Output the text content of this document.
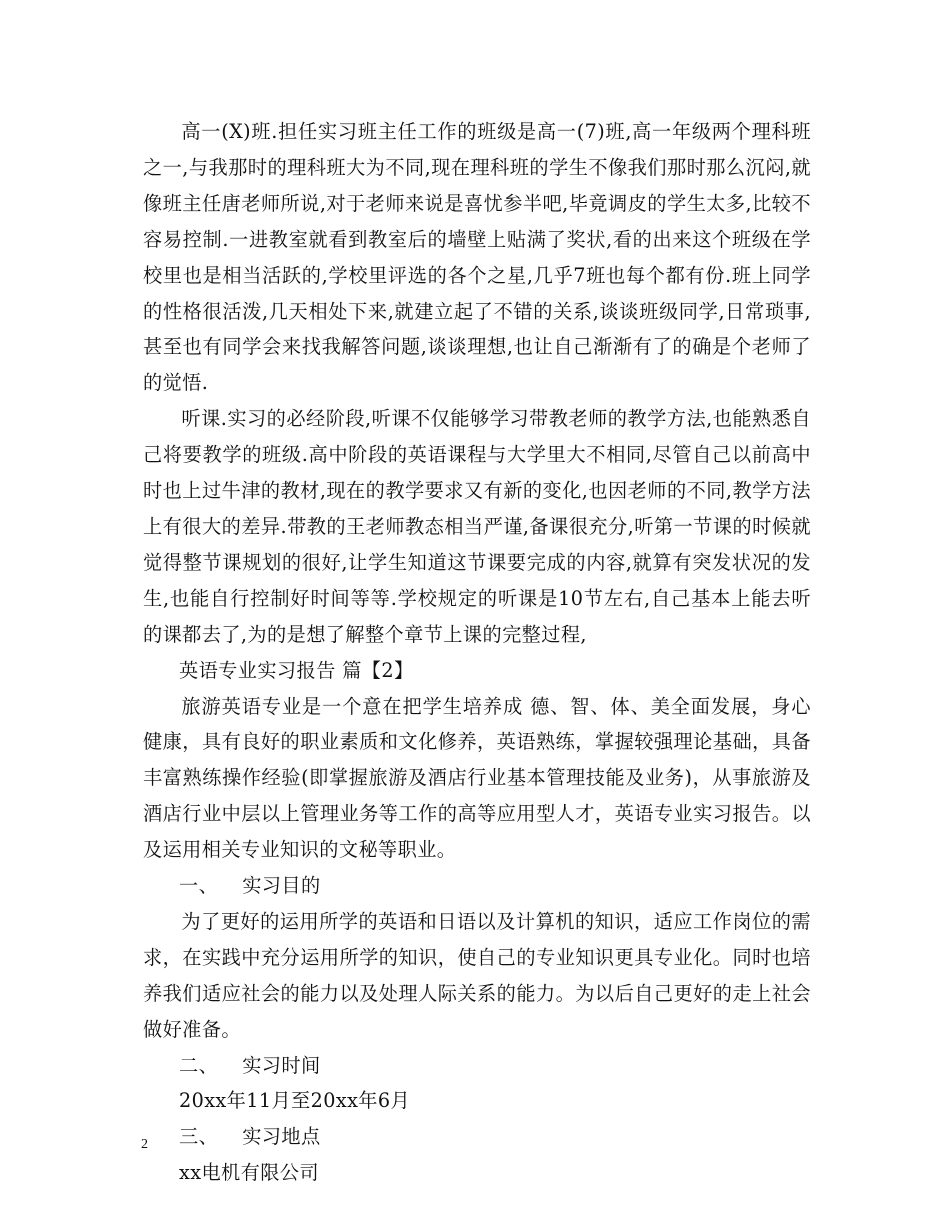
高一(X)班.担任实习班主任工作的班级是高一(7)班,高一年级两个理科班之一,与我那时的理科班大为不同,现在理科班的学生不像我们那时那么沉闷,就像班主任唐老师所说,对于老师来说是喜忧参半吧,毕竟调皮的学生太多,比较不容易控制.一进教室就看到教室后的墙壁上贴满了奖状,看的出来这个班级在学校里也是相当活跃的,学校里评选的各个之星,几乎7班也每个都有份.班上同学的性格很活泼,几天相处下来,就建立起了不错的关系,谈谈班级同学,日常琐事,甚至也有同学会来找我解答问题,谈谈理想,也让自己渐渐有了的确是个老师了的觉悟.

听课.实习的必经阶段,听课不仅能够学习带教老师的教学方法,也能熟悉自己将要教学的班级.高中阶段的英语课程与大学里大不相同,尽管自己以前高中时也上过牛津的教材,现在的教学要求又有新的变化,也因老师的不同,教学方法上有很大的差异.带教的王老师教态相当严谨,备课很充分,听第一节课的时候就觉得整节课规划的很好,让学生知道这节课要完成的内容,就算有突发状况的发生,也能自行控制好时间等等.学校规定的听课是10节左右,自己基本上能去听的课都去了,为的是想了解整个章节上课的完整过程,

英语专业实习报告 篇【2】

旅游英语专业是一个意在把学生培养成 德、智、体、美全面发展，身心健康，具有良好的职业素质和文化修养，英语熟练，掌握较强理论基础，具备丰富熟练操作经验(即掌握旅游及酒店行业基本管理技能及业务)，从事旅游及酒店行业中层以上管理业务等工作的高等应用型人才，英语专业实习报告。以及运用相关专业知识的文秘等职业。

一、 实习目的

为了更好的运用所学的英语和日语以及计算机的知识，适应工作岗位的需求，在实践中充分运用所学的知识，使自己的专业知识更具专业化。同时也培养我们适应社会的能力以及处理人际关系的能力。为以后自己更好的走上社会做好准备。

二、 实习时间

20xx年11月至20xx年6月

三、 实习地点

xx电机有限公司

2
